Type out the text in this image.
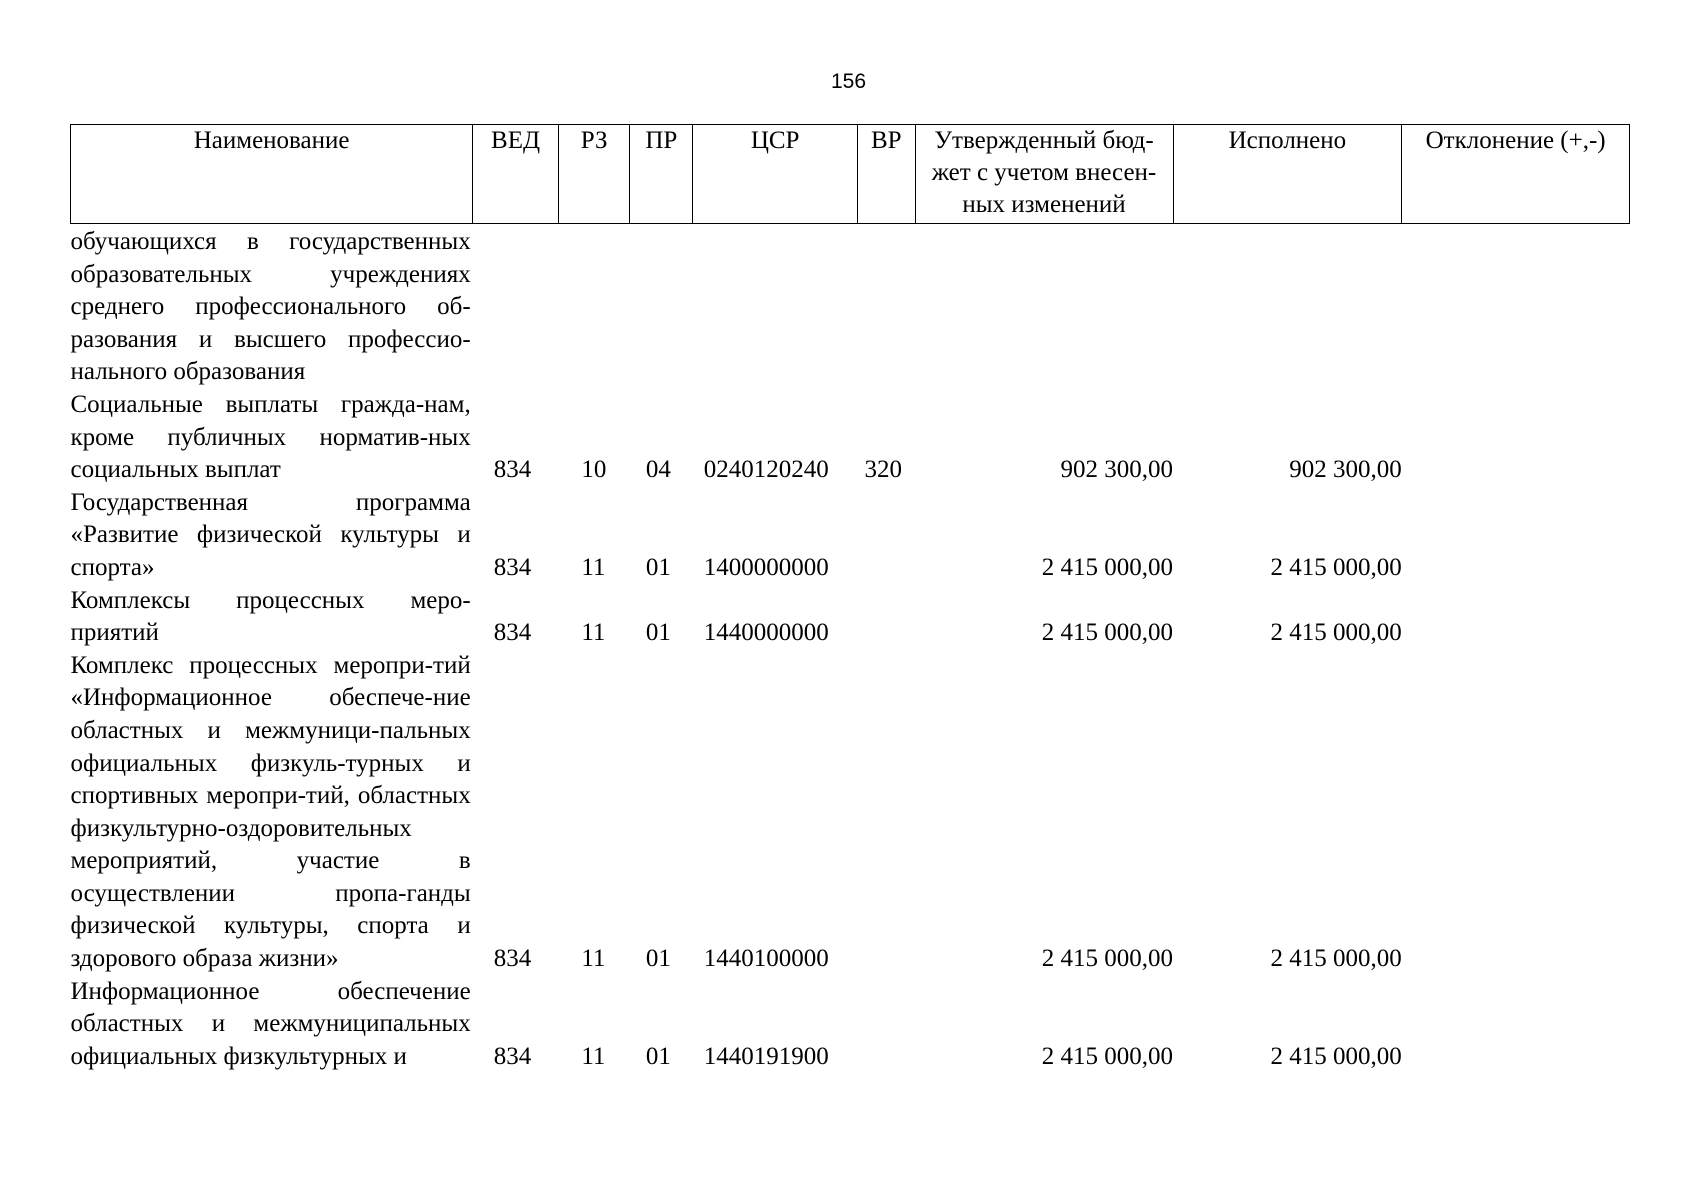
156
Наименование	ВЕД	РЗ	ПР	ЦСР	ВР	Утвержденный бюд-жет с учетом внесен-ных изменений	Исполнено	Отклонение (+,-)
обучающихся в государственных образовательных учреждениях среднего профессионального об-разования и высшего профессио-нального образования								
Социальные выплаты гражда-нам, кроме публичных норматив-ных социальных выплат	834	10	04	0240120240	320	902 300,00	902 300,00	
Государственная программа «Развитие физической культуры и спорта»	834	11	01	1400000000		2 415 000,00	2 415 000,00	
Комплексы процессных меро-приятий	834	11	01	1440000000		2 415 000,00	2 415 000,00	
Комплекс процессных меропри-тий «Информационное обеспече-ние областных и межмуници-пальных официальных физкуль-турных и спортивных меропри-тий, областных физкультурно-оздоровительных мероприятий, участие в осуществлении пропа-ганды физической культуры, спорта и здорового образа жизни»	834	11	01	1440100000		2 415 000,00	2 415 000,00	
Информационное обеспечение областных и межмуниципальных официальных физкультурных и	834	11	01	1440191900		2 415 000,00	2 415 000,00	
